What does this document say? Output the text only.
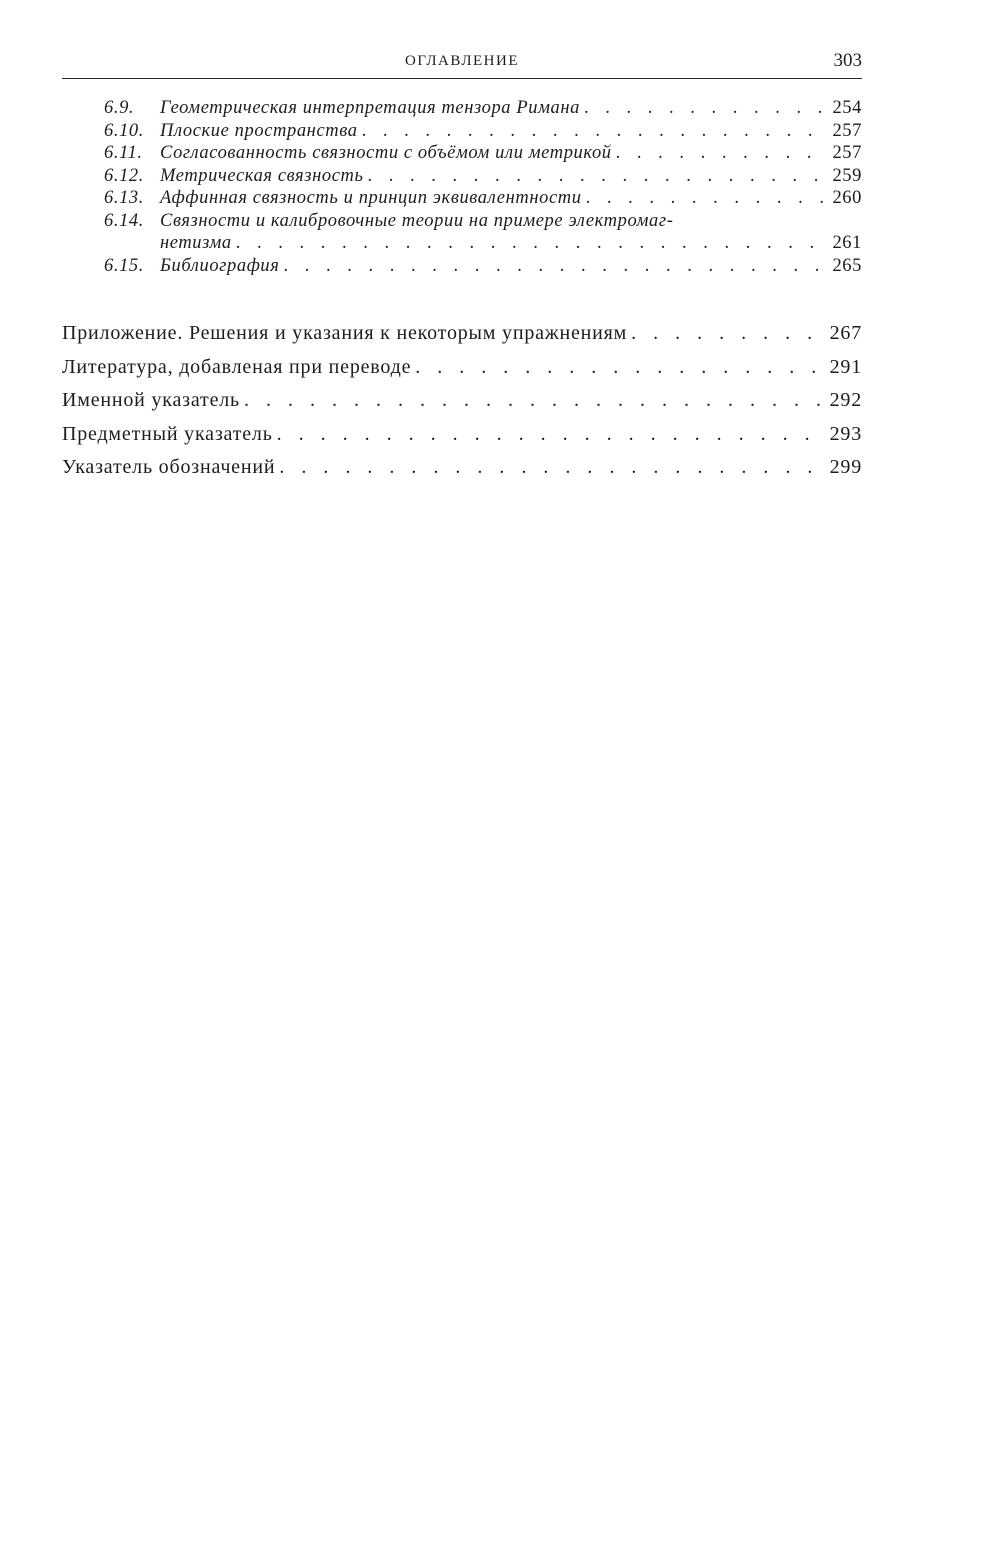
ОГЛАВЛЕНИЕ	303
6.9.	Геометрическая интерпретация тензора Римана . . .	254
6.10. Плоские пространства . . .	257
6.11. Согласованность связности с объёмом или метрикой . . .	257
6.12. Метрическая связность . . .	259
6.13. Аффинная связность и принцип эквивалентности . . .	260
6.14. Связности и калибровочные теории на примере электромаг-
нетизма . . .	261
6.15. Библиография . . .	265
Приложение. Решения и указания к некоторым упражнениям . . .	267
Литература, добавленая при переводе . . .	291
Именной указатель . . .	292
Предметный указатель . . .	293
Указатель обозначений . . .	299
